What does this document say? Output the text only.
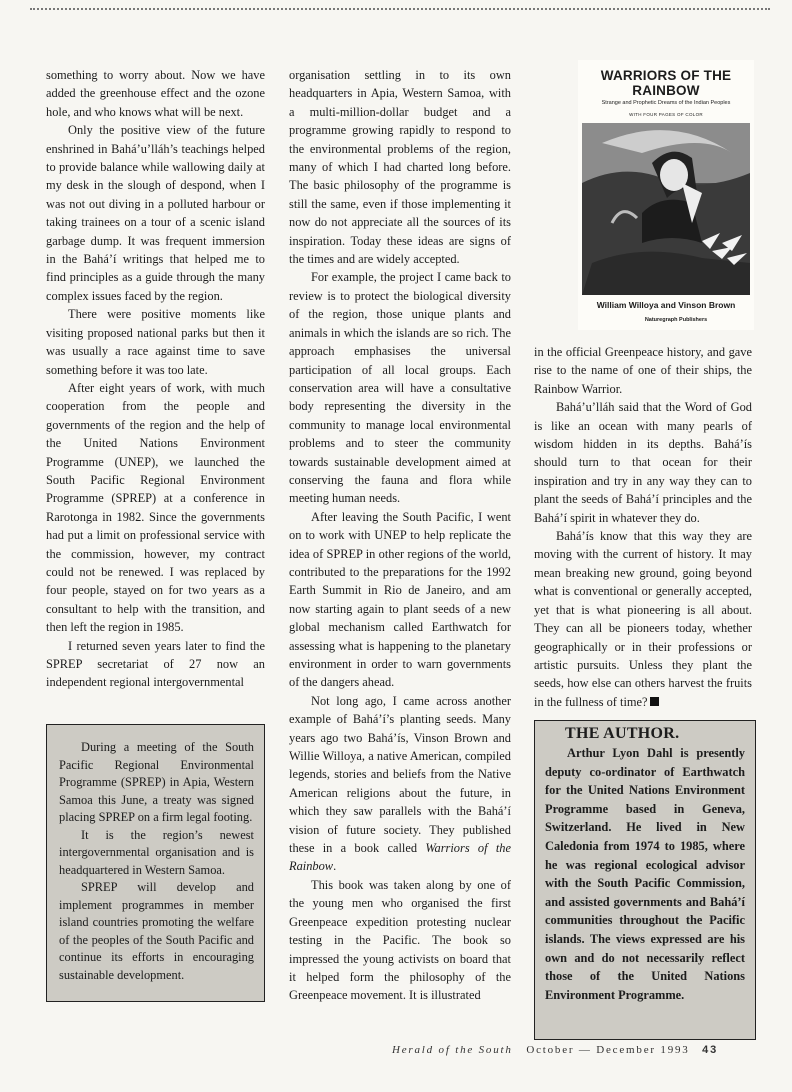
something to worry about. Now we have added the greenhouse effect and the ozone hole, and who knows what will be next.

Only the positive view of the future enshrined in Bahá’u’lláh’s teachings helped to provide balance while wallowing daily at my desk in the slough of despond, when I was not out diving in a polluted harbour or taking trainees on a tour of a scenic island garbage dump. It was frequent immersion in the Bahá’í writings that helped me to find principles as a guide through the many complex issues faced by the region.

There were positive moments like visiting proposed national parks but then it was usually a race against time to save something before it was too late.

After eight years of work, with much cooperation from the people and governments of the region and the help of the United Nations Environment Programme (UNEP), we launched the South Pacific Regional Environment Programme (SPREP) at a conference in Rarotonga in 1982. Since the governments had put a limit on professional service with the commission, however, my contract could not be renewed. I was replaced by four people, stayed on for two years as a consultant to help with the transition, and then left the region in 1985.

I returned seven years later to find the SPREP secretariat of 27 now an independent regional intergovernmental

During a meeting of the South Pacific Regional Environmental Programme (SPREP) in Apia, Western Samoa this June, a treaty was signed placing SPREP on a firm legal footing.

It is the region’s newest intergovernmental organisation and is headquartered in Western Samoa.

SPREP will develop and implement programmes in member island countries promoting the welfare of the peoples of the South Pacific and continue its efforts in encouraging sustainable development.

organisation settling in to its own headquarters in Apia, Western Samoa, with a multi-million-dollar budget and a programme growing rapidly to respond to the environmental problems of the region, many of which I had charted long before. The basic philosophy of the programme is still the same, even if those implementing it now do not appreciate all the sources of its inspiration. Today these ideas are signs of the times and are widely accepted.

For example, the project I came back to review is to protect the biological diversity of the region, those unique plants and animals in which the islands are so rich. The approach emphasises the universal participation of all local groups. Each conservation area will have a consultative body representing the diversity in the community to manage local environmental problems and to steer the community towards sustainable development aimed at conserving the fauna and flora while meeting human needs.

After leaving the South Pacific, I went on to work with UNEP to help replicate the idea of SPREP in other regions of the world, contributed to the preparations for the 1992 Earth Summit in Rio de Janeiro, and am now starting again to plant seeds of a new global mechanism called Earthwatch for assessing what is happening to the planetary environment in order to warn governments of the dangers ahead.

Not long ago, I came across another example of Bahá’í’s planting seeds. Many years ago two Bahá’ís, Vinson Brown and Willie Willoya, a native American, compiled legends, stories and beliefs from the Native American religions about the future, in which they saw parallels with the Bahá’í vision of future society. They published these in a book called Warriors of the Rainbow.

This book was taken along by one of the young men who organised the first Greenpeace expedition protesting nuclear testing in the Pacific. The book so impressed the young activists on board that it helped form the philosophy of the Greenpeace movement. It is illustrated

WARRIORS OF THE RAINBOW
Strange and Prophetic Dreams of the Indian Peoples
WITH FOUR PAGES OF COLOR
William Willoya and Vinson Brown
Naturegraph Publishers

in the official Greenpeace history, and gave rise to the name of one of their ships, the Rainbow Warrior.

Bahá’u’lláh said that the Word of God is like an ocean with many pearls of wisdom hidden in its depths. Bahá’ís should turn to that ocean for their inspiration and try in any way they can to plant the seeds of Bahá’í principles and the Bahá’í spirit in whatever they do.

Bahá’ís know that this way they are moving with the current of history. It may mean breaking new ground, going beyond what is conventional or generally accepted, yet that is what pioneering is all about. They can all be pioneers today, whether geographically or in their professions or artistic pursuits. Unless they plant the seeds, how else can others harvest the fruits in the fullness of time?

THE AUTHOR.

Arthur Lyon Dahl is presently deputy co-ordinator of Earthwatch for the United Nations Environment Programme based in Geneva, Switzerland. He lived in New Caledonia from 1974 to 1985, where he was regional ecological advisor with the South Pacific Commission, and assisted governments and Bahá’í communities throughout the Pacific islands. The views expressed are his own and do not necessarily reflect those of the United Nations Environment Programme.

Herald of the South October — December 1993 43
